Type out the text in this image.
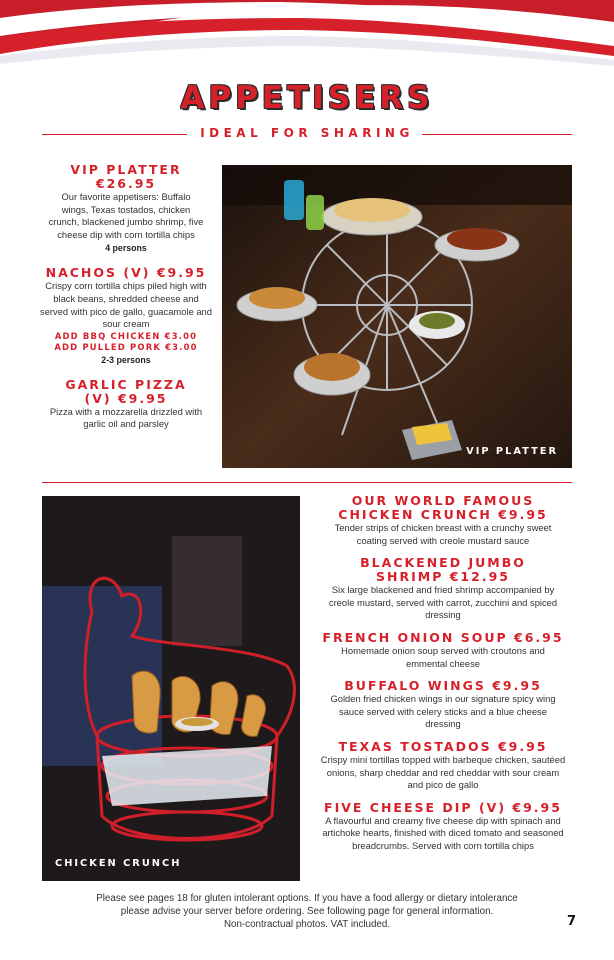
APPETISERS
IDEAL FOR SHARING
VIP PLATTER
€26.95
Our favorite appetisers: Buffalo wings, Texas tostados, chicken crunch, blackened jumbo shrimp, five cheese dip with corn tortilla chips
4 persons
NACHOS (V) €9.95
Crispy corn tortilla chips piled high with black beans, shredded cheese and served with pico de gallo, guacamole and sour cream
ADD BBQ CHICKEN €3.00
ADD PULLED PORK €3.00
2-3 persons
GARLIC PIZZA
(V) €9.95
Pizza with a mozzarella drizzled with garlic oil and parsley
VIP PLATTER
CHICKEN CRUNCH
OUR WORLD FAMOUS
CHICKEN CRUNCH €9.95
Tender strips of chicken breast with a crunchy sweet coating served with creole mustard sauce
BLACKENED JUMBO
SHRIMP €12.95
Six large blackened and fried shrimp accompanied by creole mustard, served with carrot, zucchini and spiced dressing
FRENCH ONION SOUP €6.95
Homemade onion soup served with croutons and emmental cheese
BUFFALO WINGS €9.95
Golden fried chicken wings in our signature spicy wing sauce served with celery sticks and a blue cheese dressing
TEXAS TOSTADOS €9.95
Crispy mini tortillas topped with barbeque chicken, sautéed onions, sharp cheddar and red cheddar with sour cream and pico de gallo
FIVE CHEESE DIP (V) €9.95
A flavourful and creamy five cheese dip with spinach and artichoke hearts, finished with diced tomato and seasoned breadcrumbs. Served with corn tortilla chips
Please see pages 18 for gluten intolerant options. If you have a food allergy or dietary intolerance
please advise your server before ordering. See following page for general information.
Non-contractual photos. VAT included.	7
